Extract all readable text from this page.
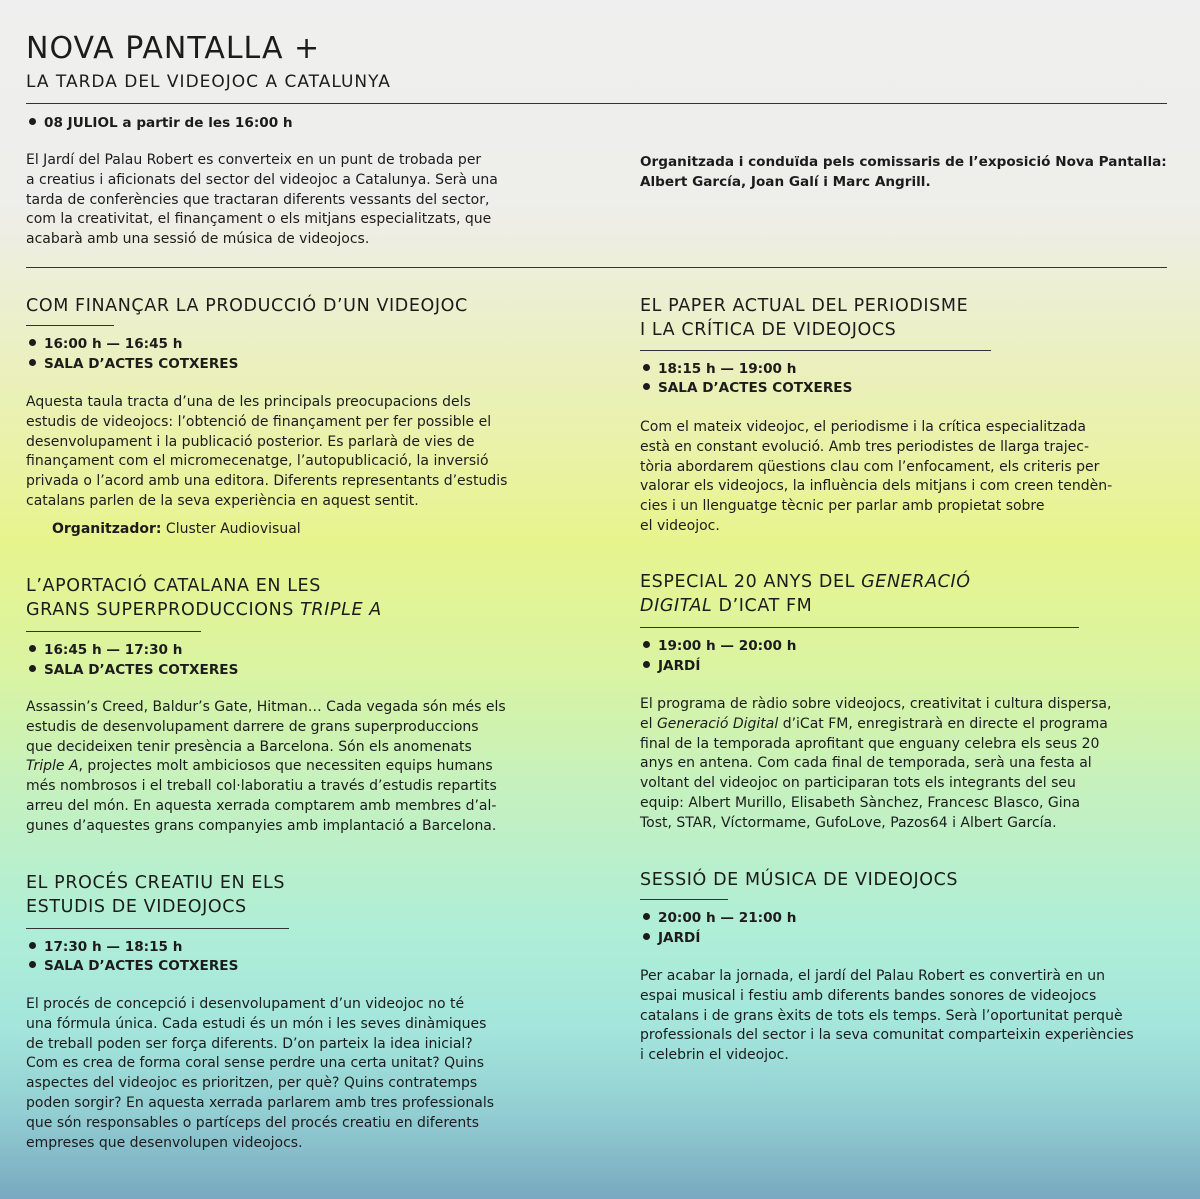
NOVA PANTALLA +
LA TARDA DEL VIDEOJOC A CATALUNYA
08 JULIOL a partir de les 16:00 h

El Jardí del Palau Robert es converteix en un punt de trobada per
a creatius i aficionats del sector del videojoc a Catalunya. Serà una
tarda de conferències que tractaran diferents vessants del sector,
com la creativitat, el finançament o els mitjans especialitzats, que
acabarà amb una sessió de música de videojocs.

Organitzada i conduïda pels comissaris de l’exposició Nova Pantalla:
Albert García, Joan Galí i Marc Angrill.

COM FINANÇAR LA PRODUCCIÓ D’UN VIDEOJOC
16:00 h — 16:45 h
SALA D’ACTES COTXERES

Aquesta taula tracta d’una de les principals preocupacions dels
estudis de videojocs: l’obtenció de finançament per fer possible el
desenvolupament i la publicació posterior. Es parlarà de vies de
finançament com el micromecenatge, l’autopublicació, la inversió
privada o l’acord amb una editora. Diferents representants d’estudis
catalans parlen de la seva experiència en aquest sentit.

Organitzador: Cluster Audiovisual
L’APORTACIÓ CATALANA EN LES
GRANS SUPERPRODUCCIONS TRIPLE A
16:45 h — 17:30 h
SALA D’ACTES COTXERES

Assassin’s Creed, Baldur’s Gate, Hitman… Cada vegada són més els
estudis de desenvolupament darrere de grans superproduccions
que decideixen tenir presència a Barcelona. Són els anomenats
Triple A, projectes molt ambiciosos que necessiten equips humans
més nombrosos i el treball col·laboratiu a través d’estudis repartits
arreu del món. En aquesta xerrada comptarem amb membres d’al-
gunes d’aquestes grans companyies amb implantació a Barcelona.

EL PROCÉS CREATIU EN ELS
ESTUDIS DE VIDEOJOCS
17:30 h — 18:15 h
SALA D’ACTES COTXERES

El procés de concepció i desenvolupament d’un videojoc no té
una fórmula única. Cada estudi és un món i les seves dinàmiques
de treball poden ser força diferents. D’on parteix la idea inicial?
Com es crea de forma coral sense perdre una certa unitat? Quins
aspectes del videojoc es prioritzen, per què? Quins contratemps
poden sorgir? En aquesta xerrada parlarem amb tres professionals
que són responsables o partíceps del procés creatiu en diferents
empreses que desenvolupen videojocs.

EL PAPER ACTUAL DEL PERIODISME
I LA CRÍTICA DE VIDEOJOCS
18:15 h — 19:00 h
SALA D’ACTES COTXERES

Com el mateix videojoc, el periodisme i la crítica especialitzada
està en constant evolució. Amb tres periodistes de llarga trajec-
tòria abordarem qüestions clau com l’enfocament, els criteris per
valorar els videojocs, la influència dels mitjans i com creen tendèn-
cies i un llenguatge tècnic per parlar amb propietat sobre
el videojoc.

ESPECIAL 20 ANYS DEL GENERACIÓ
DIGITAL D’ICAT FM
19:00 h — 20:00 h
JARDÍ

El programa de ràdio sobre videojocs, creativitat i cultura dispersa,
el Generació Digital d’iCat FM, enregistrarà en directe el programa
final de la temporada aprofitant que enguany celebra els seus 20
anys en antena. Com cada final de temporada, serà una festa al
voltant del videojoc on participaran tots els integrants del seu
equip: Albert Murillo, Elisabeth Sànchez, Francesc Blasco, Gina
Tost, STAR, Víctormame, GufoLove, Pazos64 i Albert García.

SESSIÓ DE MÚSICA DE VIDEOJOCS
20:00 h — 21:00 h
JARDÍ

Per acabar la jornada, el jardí del Palau Robert es convertirà en un
espai musical i festiu amb diferents bandes sonores de videojocs
catalans i de grans èxits de tots els temps. Serà l’oportunitat perquè
professionals del sector i la seva comunitat comparteixin experiències
i celebrin el videojoc.
